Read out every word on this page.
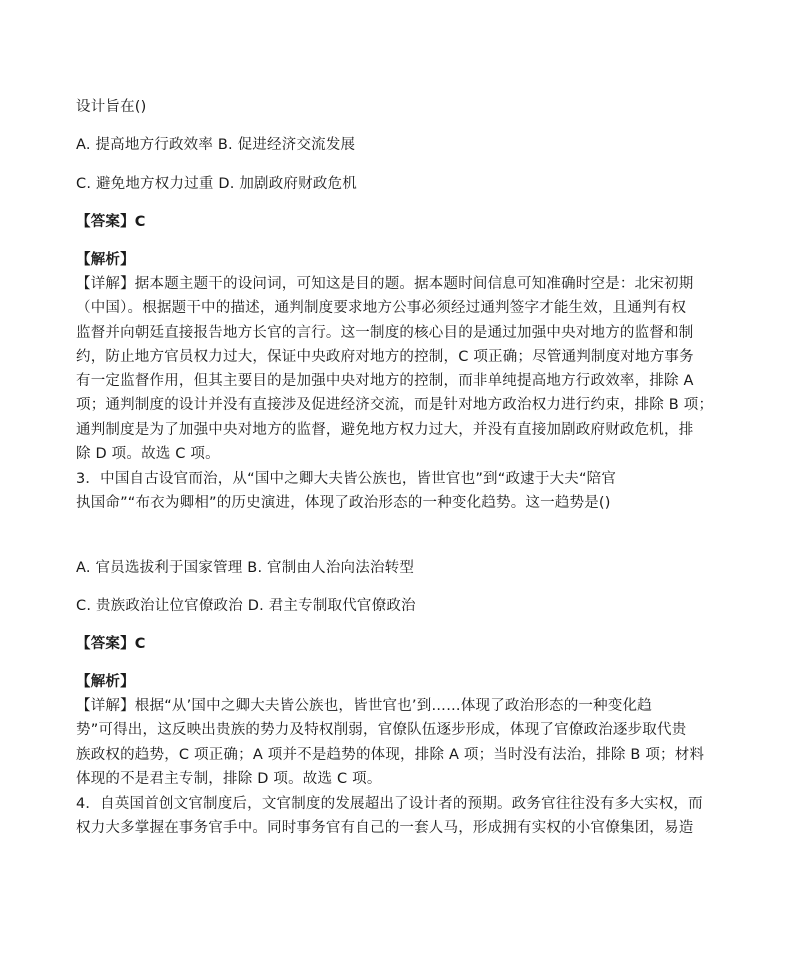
设计旨在()
A. 提高地方行政效率 B. 促进经济交流发展
C. 避免地方权力过重 D. 加剧政府财政危机
【答案】C
【解析】
【详解】据本题主题干的设问词，可知这是目的题。据本题时间信息可知准确时空是：北宋初期
（中国）。根据题干中的描述，通判制度要求地方公事必须经过通判签字才能生效，且通判有权
监督并向朝廷直接报告地方长官的言行。这一制度的核心目的是通过加强中央对地方的监督和制
约，防止地方官员权力过大，保证中央政府对地方的控制，C 项正确；尽管通判制度对地方事务
有一定监督作用，但其主要目的是加强中央对地方的控制，而非单纯提高地方行政效率，排除 A
项；通判制度的设计并没有直接涉及促进经济交流，而是针对地方政治权力进行约束，排除 B 项；
通判制度是为了加强中央对地方的监督，避免地方权力过大，并没有直接加剧政府财政危机，排
除 D 项。故选 C 项。
3．中国自古设官而治，从“国中之卿大夫皆公族也，皆世官也”到“政逮于大夫“陪官
执国命”“布衣为卿相”的历史演进，体现了政治形态的一种变化趋势。这一趋势是()
A. 官员选拔利于国家管理 B. 官制由人治向法治转型
C. 贵族政治让位官僚政治 D. 君主专制取代官僚政治
【答案】C
【解析】
【详解】根据“从’国中之卿大夫皆公族也，皆世官也’到……体现了政治形态的一种变化趋
势”可得出，这反映出贵族的势力及特权削弱，官僚队伍逐步形成，体现了官僚政治逐步取代贵
族政权的趋势，C 项正确；A 项并不是趋势的体现，排除 A 项；当时没有法治，排除 B 项；材料
体现的不是君主专制，排除 D 项。故选 C 项。
4．自英国首创文官制度后，文官制度的发展超出了设计者的预期。政务官往往没有多大实权，而
权力大多掌握在事务官手中。同时事务官有自己的一套人马，形成拥有实权的小官僚集团，易造
